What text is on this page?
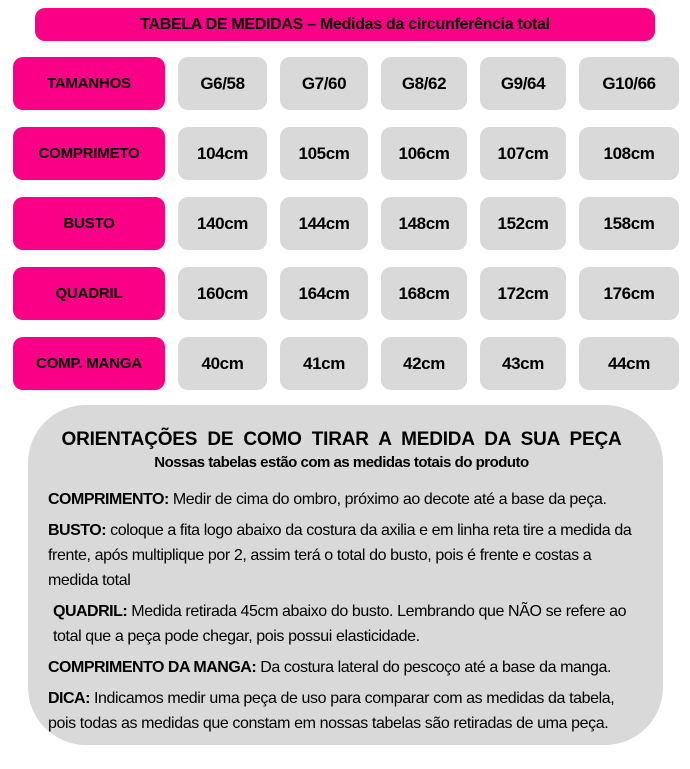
TABELA DE MEDIDAS – Medidas da circunferência total
TAMANHOS	G6/58	G7/60	G8/62	G9/64	G10/66
COMPRIMETO	104cm	105cm	106cm	107cm	108cm
BUSTO	140cm	144cm	148cm	152cm	158cm
QUADRIL	160cm	164cm	168cm	172cm	176cm
COMP. MANGA	40cm	41cm	42cm	43cm	44cm
ORIENTAÇÕES DE COMO TIRAR A MEDIDA DA SUA PEÇA
Nossas tabelas estão com as medidas totais do produto

COMPRIMENTO: Medir de cima do ombro, próximo ao decote até a base da peça.

BUSTO: coloque a fita logo abaixo da costura da axilia e em linha reta tire a medida da frente, após multiplique por 2, assim terá o total do busto, pois é frente e costas a medida total

QUADRIL: Medida retirada 45cm abaixo do busto. Lembrando que NÃO se refere ao total que a peça pode chegar, pois possui elasticidade.

COMPRIMENTO DA MANGA: Da costura lateral do pescoço até a base da manga.

DICA: Indicamos medir uma peça de uso para comparar com as medidas da tabela, pois todas as medidas que constam em nossas tabelas são retiradas de uma peça.
